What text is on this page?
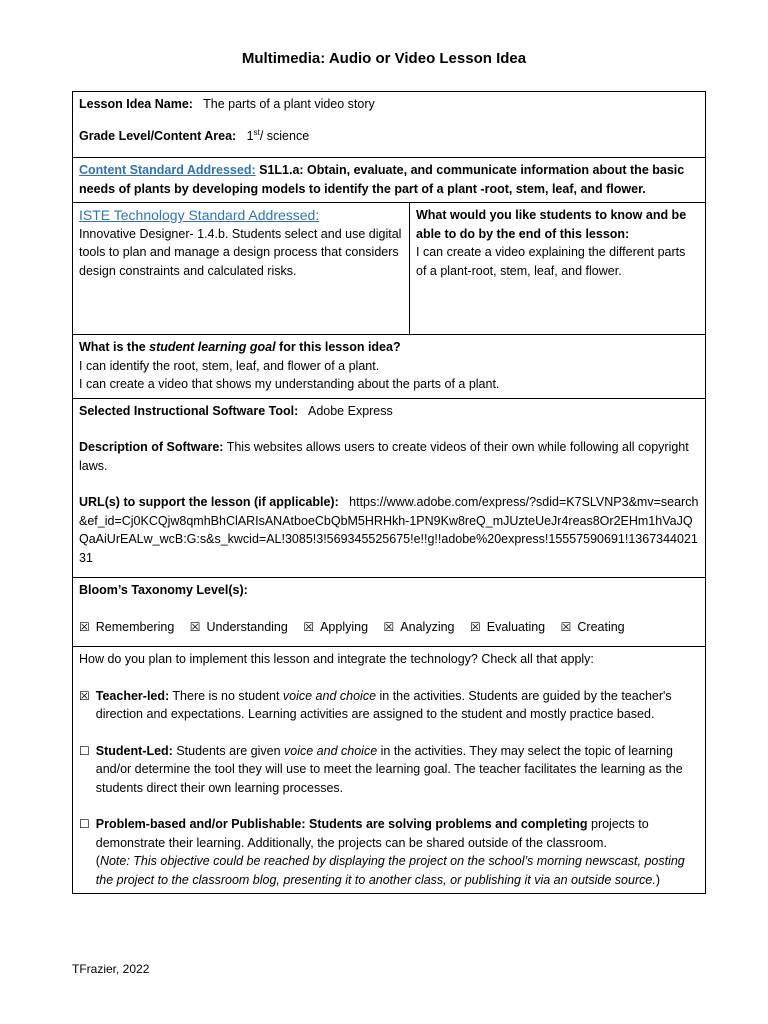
Multimedia: Audio or Video Lesson Idea
Lesson Idea Name: The parts of a plant video story
Grade Level/Content Area: 1st/ science

Content Standard Addressed: S1L1.a: Obtain, evaluate, and communicate information about the basic needs of plants by developing models to identify the part of a plant -root, stem, leaf, and flower.

ISTE Technology Standard Addressed:
Innovative Designer- 1.4.b. Students select and use digital tools to plan and manage a design process that considers design constraints and calculated risks.

What would you like students to know and be able to do by the end of this lesson:
I can create a video explaining the different parts of a plant-root, stem, leaf, and flower.

What is the student learning goal for this lesson idea?
I can identify the root, stem, leaf, and flower of a plant.
I can create a video that shows my understanding about the parts of a plant.

Selected Instructional Software Tool: Adobe Express
Description of Software: This websites allows users to create videos of their own while following all copyright laws.
URL(s) to support the lesson (if applicable): https://www.adobe.com/express/?sdid=K7SLVNP3&mv=search&ef_id=Cj0KCQjw8qmhBhClARIsANAtboeCbQbM5HRHkh-1PN9Kw8reQ_mJUzteUeJr4reas8Or2EHm1hVaJQQaAiUrEALw_wcB:G:s&s_kwcid=AL!3085!3!569345525675!e!!g!!adobe%20express!15557590691!136734402131

Bloom’s Taxonomy Level(s):
☒ Remembering ☒ Understanding ☒ Applying ☒ Analyzing ☒ Evaluating ☒ Creating

How do you plan to implement this lesson and integrate the technology? Check all that apply:
☒ Teacher-led: There is no student voice and choice in the activities. Students are guided by the teacher's direction and expectations. Learning activities are assigned to the student and mostly practice based.
☐ Student-Led: Students are given voice and choice in the activities. They may select the topic of learning and/or determine the tool they will use to meet the learning goal. The teacher facilitates the learning as the students direct their own learning processes.
☐ Problem-based and/or Publishable: Students are solving problems and completing projects to demonstrate their learning. Additionally, the projects can be shared outside of the classroom.
(Note: This objective could be reached by displaying the project on the school’s morning newscast, posting the project to the classroom blog, presenting it to another class, or publishing it via an outside source.)
TFrazier, 2022
